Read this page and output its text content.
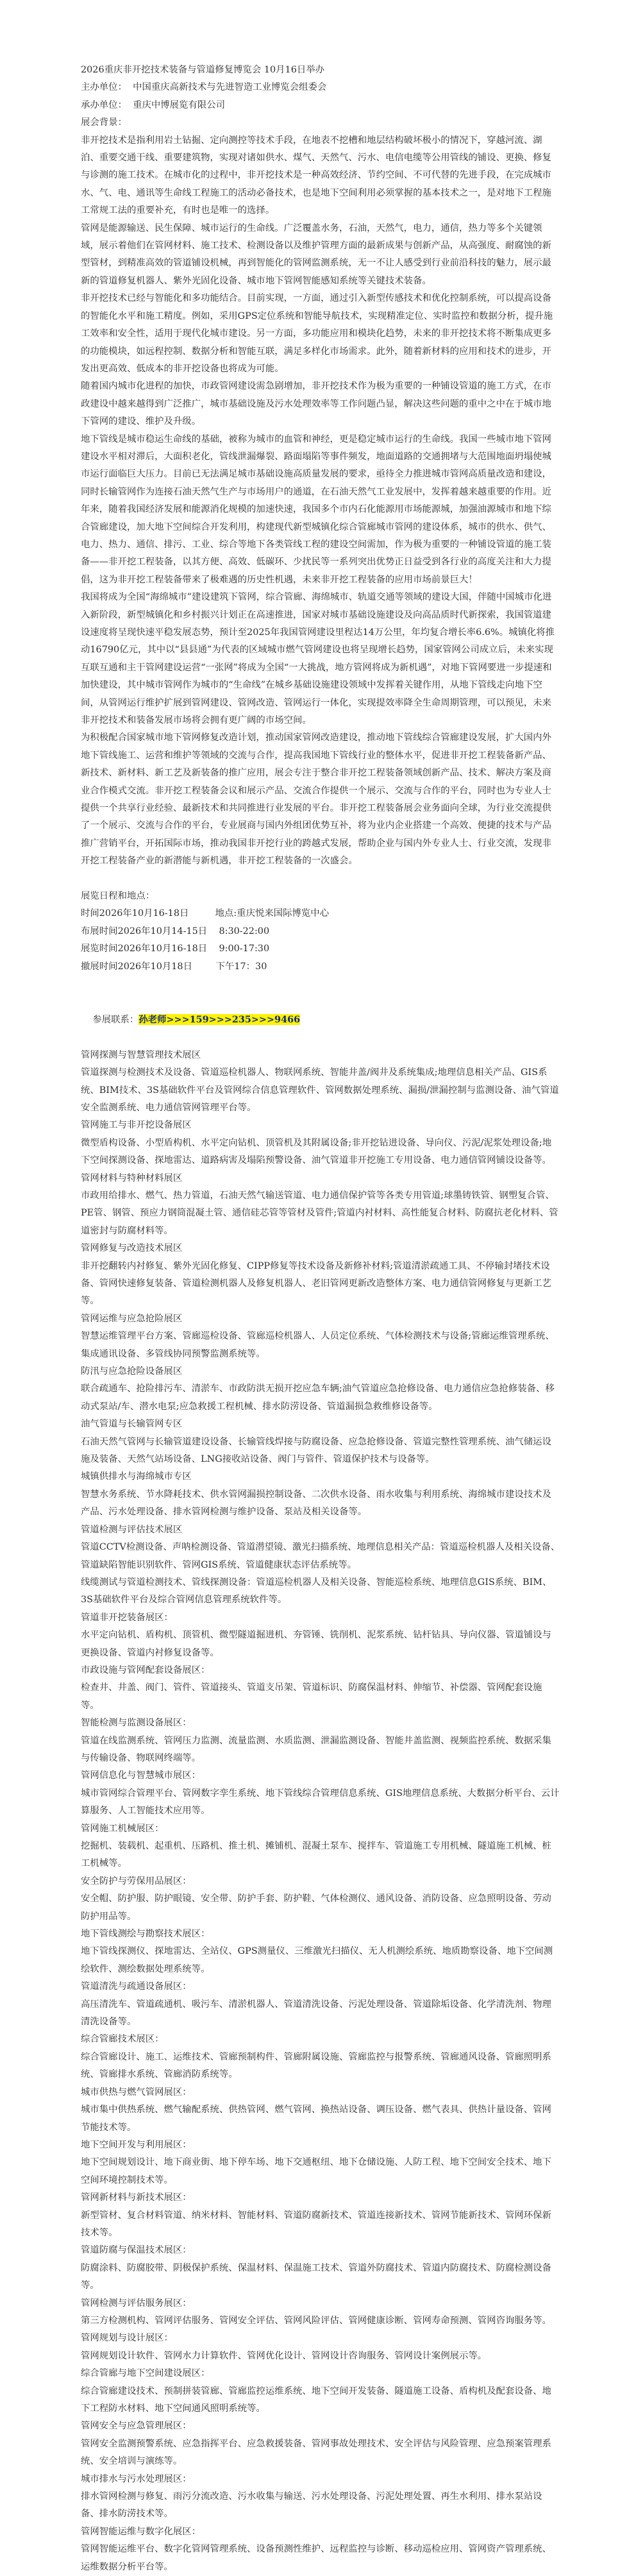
2026重庆非开挖技术装备与管道修复博览会 10月16日举办

主办单位：  中国重庆高新技术与先进智造工业博览会组委会

承办单位：  重庆中博展览有限公司

展会背景：

非开挖技术是指利用岩土钻掘、定向测控等技术手段，在地表不挖槽和地层结构破坏极小的情况下，穿越河流、湖泊、重要交通干线、重要建筑物，实现对诸如供水、煤气、天然气、污水、电信电缆等公用管线的铺设、更换、修复与诊测的施工技术。在城市化的过程中，非开挖技术是一种高效经济、节约空间、不可代替的先进手段，在完成城市水、气、电、通讯等生命线工程施工的活动必备技术，也是地下空间利用必须掌握的基本技术之一，是对地下工程施工常规工法的重要补充，有时也是唯一的选择。

管网是能源输送、民生保障、城市运行的生命线。广泛覆盖水务，石油，天然气，电力，通信，热力等多个关键领域，展示着他们在管网材料、施工技术、检测设备以及维护管理方面的最新成果与创新产品，从高强度、耐腐蚀的新型管材，到精准高效的管道铺设机械，再到智能化的管网监测系统，无一不让人感受到行业前沿科技的魅力，展示最新的管道修复机器人、紫外光固化设备、城市地下管网智能感知系统等关键技术装备。

非开挖技术已经与智能化和多功能结合。目前实现，一方面，通过引入新型传感技术和优化控制系统，可以提高设备的智能化水平和施工精度。例如，采用GPS定位系统和智能导航技术，实现精准定位、实时监控和数据分析，提升施工效率和安全性，适用于现代化城市建设。另一方面，多功能应用和模块化趋势，未来的非开挖技术将不断集成更多的功能模块，如远程控制、数据分析和智能互联，满足多样化市场需求。此外，随着新材料的应用和技术的进步，开发出更高效、低成本的非开挖设备也将成为可能。

随着国内城市化进程的加快，市政管网建设需急剧增加，非开挖技术作为极为重要的一种铺设管道的施工方式，在市政建设中越来越得到广泛推广，城市基础设施及污水处理效率等工作问题凸显，解决这些问题的重中之中在于城市地下管网的建设、维护及升级。

地下管线是城市稳运生命线的基础，被称为城市的血管和神经，更是稳定城市运行的生命线。我国一些城市地下管网建设水平相对滞后，大面积老化，管线泄漏爆裂、路面塌陷等事件频发，地面道路的交通拥堵与大范围地面坍塌使城市运行面临巨大压力。目前已无法满足城市基础设施高质量发展的要求，亟待全力推进城市管网高质量改造和建设，同时长输管网作为连接石油天然气生产与市场用户的通道，在石油天然气工业发展中，发挥着越来越重要的作用。近年来，随着我国经济发展和能源消化规模的加速快速，我国多个市内石化能源用市场能源城，加强油源城市和地下综合管廊建设，加大地下空间综合开发利用，构建现代新型城镇化综合管廊城市管网的建设体系，城市的供水、供气、电力、热力、通信、排污、工业、综合等地下各类管线工程的建设空间需加，作为极为重要的一种铺设管道的施工装备——非开挖工程装备，以其方便、高效、低碳环、少扰民等一系列突出优势正日益受到各行业的高度关注和大力提倡，这为非开挖工程装备带来了极难遇的历史性机遇，未来非开挖工程装备的应用市场前景巨大！

我国将成为全国“海绵城市”建设建筑下管网，综合管廊、海绵城市、轨道交通等领域的建设大国，伴随中国城市化进入新阶段，新型城镇化和乡村振兴计划正在高速推进，国家对城市基础设施建设及向高品质时代新探索，我国管道建设速度将呈现快速平稳发展态势，预计至2025年我国管网建设里程达14万公里，年均复合增长率6.6%。城镇化将推动16790亿元，其中以“县县通”为代表的区域城市燃气管网建设也将呈现增长趋势，国家管网公司成立后，未来实现互联互通和主干管网建设运营“一张网”将成为全国“一大挑战，地方管网将成为新机遇”，对地下管网要进一步提速和加快建设，其中城市管网作为城市的“生命线”在城乡基础设施建设领域中发挥着关键作用，从地下管线走向地下空间，从管网运行维护扩展到管网建设、管网改造、管网运行一体化，实现提效率降全生命周期管理，可以预见，未来非开挖技术和装备发展市场将会拥有更广阔的市场空间。

为积极配合国家城市地下管网修复改造计划，推动国家管网改造建设，推动地下管线综合管廊建设发展，扩大国内外地下管线施工、运营和维护等领域的交流与合作，提高我国地下管线行业的整体水平，促进非开挖工程装备新产品、新技术、新材料、新工艺及新装备的推广应用，展会专注于整合非开挖工程装备领域创新产品、技术、解决方案及商业合作模式交流。非开挖工程装备会议和展示产品、交流合作提供一个展示、交流与合作的平台，同时也为专业人士提供一个共享行业经验、最新技术和共同推进行业发展的平台。非开挖工程装备展会业务面向全球，为行业交流提供了一个展示、交流与合作的平台，专业展商与国内外组团优势互补，将为业内企业搭建一个高效、便捷的技术与产品推广营销平台，开拓国际市场，推动我国非开挖行业的跨越式发展，帮助企业与国内外专业人士、行业交流，发现非开挖工程装备产业的新潜能与新机遇，非开挖工程装备的一次盛会。

展览日程和地点：

时间2026年10月16-18日         地点:重庆悦来国际博览中心

布展时间2026年10月14-15日    8:30-22:00

展览时间2026年10月16-18日    9:00-17:30

撤展时间2026年10月18日        下午17：30

参展联系：孙老师>>>159>>>235>>>9466

管网探测与智慧管理技术展区

管道探测与检测技术及设备、管道巡检机器人、物联网系统、智能井盖/阀井及系统集成;地理信息相关产品、GIS系统、BIM技术、3S基础软件平台及管网综合信息管理软件、管网数据处理系统、漏损/泄漏控制与监测设备、油气管道安全监测系统、电力通信管网管理平台等。

管网施工与非开挖设备展区

微型盾构设备、小型盾构机、水平定向钻机、顶管机及其附属设备;非开挖钻进设备、导向仪、污泥/泥浆处理设备;地下空间探测设备、探地雷达、道路病害及塌陷预警设备、油气管道非开挖施工专用设备、电力通信管网铺设设备等。

管网材料与特种材料展区

市政用给排水、燃气、热力管道，石油天然气输送管道、电力通信保护管等各类专用管道;球墨铸铁管、钢塑复合管、PE管、钢管、预应力钢筒混凝土管、通信硅芯管等管材及管件;管道内衬材料、高性能复合材料、防腐抗老化材料、管道密封与防腐材料等。

管网修复与改造技术展区

非开挖翻转内衬修复、紫外光固化修复、CIPP修复等技术设备及新修补材料;管道清淤疏通工具、不停输封堵技术设备、管网快速修复装备、管道检测机器人及修复机器人、老旧管网更新改造整体方案、电力通信管网修复与更新工艺等。

管网运维与应急抢险展区

智慧运维管理平台方案、管廊巡检设备、管廊巡检机器人、人员定位系统、气体检测技术与设备;管廊运维管理系统、集成通讯设备、多管线协同预警监测系统等。

防汛与应急抢险设备展区

联合疏通车、抢险排污车、清淤车、市政防洪无损开挖应急车辆;油气管道应急抢修设备、电力通信应急抢修装备、移动式泵站/车、潜水电泵;应急救援工程机械、排水防涝设备、管道漏损急救维修设备等。

油气管道与长输管网专区

石油天然气管网与长输管道建设设备、长输管线焊接与防腐设备、应急抢修设备、管道完整性管理系统、油气储运设施及装备、天然气站场设备、LNG接收站设备、阀门与管件、管道保护技术与设备等。

城镇供排水与海绵城市专区

智慧水务系统、节水降耗技术、供水管网漏损控制设备、二次供水设备、雨水收集与利用系统、海绵城市建设技术及产品、污水处理设备、排水管网检测与维护设备、泵站及相关设备等。

管道检测与评估技术展区

管道CCTV检测设备、声呐检测设备、管道潜望镜、激光扫描系统、地理信息相关产品：管道巡检机器人及相关设备、管道缺陷智能识别软件、管网GIS系统、管道健康状态评估系统等。

线缆测试与管道检测技术、管线探测设备：管道巡检机器人及相关设备、智能巡检系统、地理信息GIS系统、BIM、3S基础软件平台及综合管网信息管理系统软件等。

管道非开挖装备展区：

水平定向钻机、盾构机、顶管机、微型隧道掘进机、夯管锤、铣削机、泥浆系统、钻杆钻具、导向仪器、管道铺设与更换设备、管道内衬修复设备等。

市政设施与管网配套设备展区：

检查井、井盖、阀门、管件、管道接头、管道支吊架、管道标识、防腐保温材料、伸缩节、补偿器、管网配套设施等。

智能检测与监测设备展区：

管道在线监测系统、管网压力监测、流量监测、水质监测、泄漏监测设备、智能井盖监测、视频监控系统、数据采集与传输设备、物联网终端等。

管网信息化与智慧城市展区：

城市管网综合管理平台、管网数字孪生系统、地下管线综合管理信息系统、GIS地理信息系统、大数据分析平台、云计算服务、人工智能技术应用等。

管网施工机械展区：

挖掘机、装载机、起重机、压路机、推土机、摊铺机、混凝土泵车、搅拌车、管道施工专用机械、隧道施工机械、桩工机械等。

安全防护与劳保用品展区：

安全帽、防护服、防护眼镜、安全带、防护手套、防护鞋、气体检测仪、通风设备、消防设备、应急照明设备、劳动防护用品等。

地下管线测绘与勘察技术展区：

地下管线探测仪、探地雷达、全站仪、GPS测量仪、三维激光扫描仪、无人机测绘系统、地质勘察设备、地下空间测绘软件、测绘数据处理系统等。

管道清洗与疏通设备展区：

高压清洗车、管道疏通机、吸污车、清淤机器人、管道清洗设备、污泥处理设备、管道除垢设备、化学清洗剂、物理清洗设备等。

综合管廊技术展区：

综合管廊设计、施工、运维技术、管廊预制构件、管廊附属设施、管廊监控与报警系统、管廊通风设备、管廊照明系统、管廊排水系统、管廊消防系统等。

城市供热与燃气管网展区：

城市集中供热系统、燃气输配系统、供热管网、燃气管网、换热站设备、调压设备、燃气表具、供热计量设备、管网节能技术等。

地下空间开发与利用展区：

地下空间规划设计、地下商业街、地下停车场、地下交通枢纽、地下仓储设施、人防工程、地下空间安全技术、地下空间环境控制技术等。

管网新材料与新技术展区：

新型管材、复合材料管道、纳米材料、智能材料、管道防腐新技术、管道连接新技术、管网节能新技术、管网环保新技术等。

管道防腐与保温技术展区：

防腐涂料、防腐胶带、阴极保护系统、保温材料、保温施工技术、管道外防腐技术、管道内防腐技术、防腐检测设备等。

管网检测与评估服务展区：

第三方检测机构、管网评估服务、管网安全评估、管网风险评估、管网健康诊断、管网寿命预测、管网咨询服务等。

管网规划与设计展区：

管网规划设计软件、管网水力计算软件、管网优化设计、管网设计咨询服务、管网设计案例展示等。

综合管廊与地下空间建设展区：

综合管廊建设技术、预制拼装管廊、管廊监控运维系统、地下空间开发装备、隧道施工设备、盾构机及配套设备、地下工程防水材料、地下空间通风照明系统等。

管网安全与应急管理展区：

管网安全监测预警系统、应急指挥平台、应急救援装备、管网事故处理技术、安全评估与风险管理、应急预案管理系统、安全培训与演练等。

城市排水与污水处理展区：

排水管网检测与修复、雨污分流改造、污水收集与输送、污水处理设备、污泥处理处置、再生水利用、排水泵站设备、排水防涝技术等。

管网智能运维与数字化展区：

管网智能运维平台、数字化管网管理系统、设备预测性维护、远程监控与诊断、移动巡检应用、管网资产管理系统、运维数据分析平台等。
